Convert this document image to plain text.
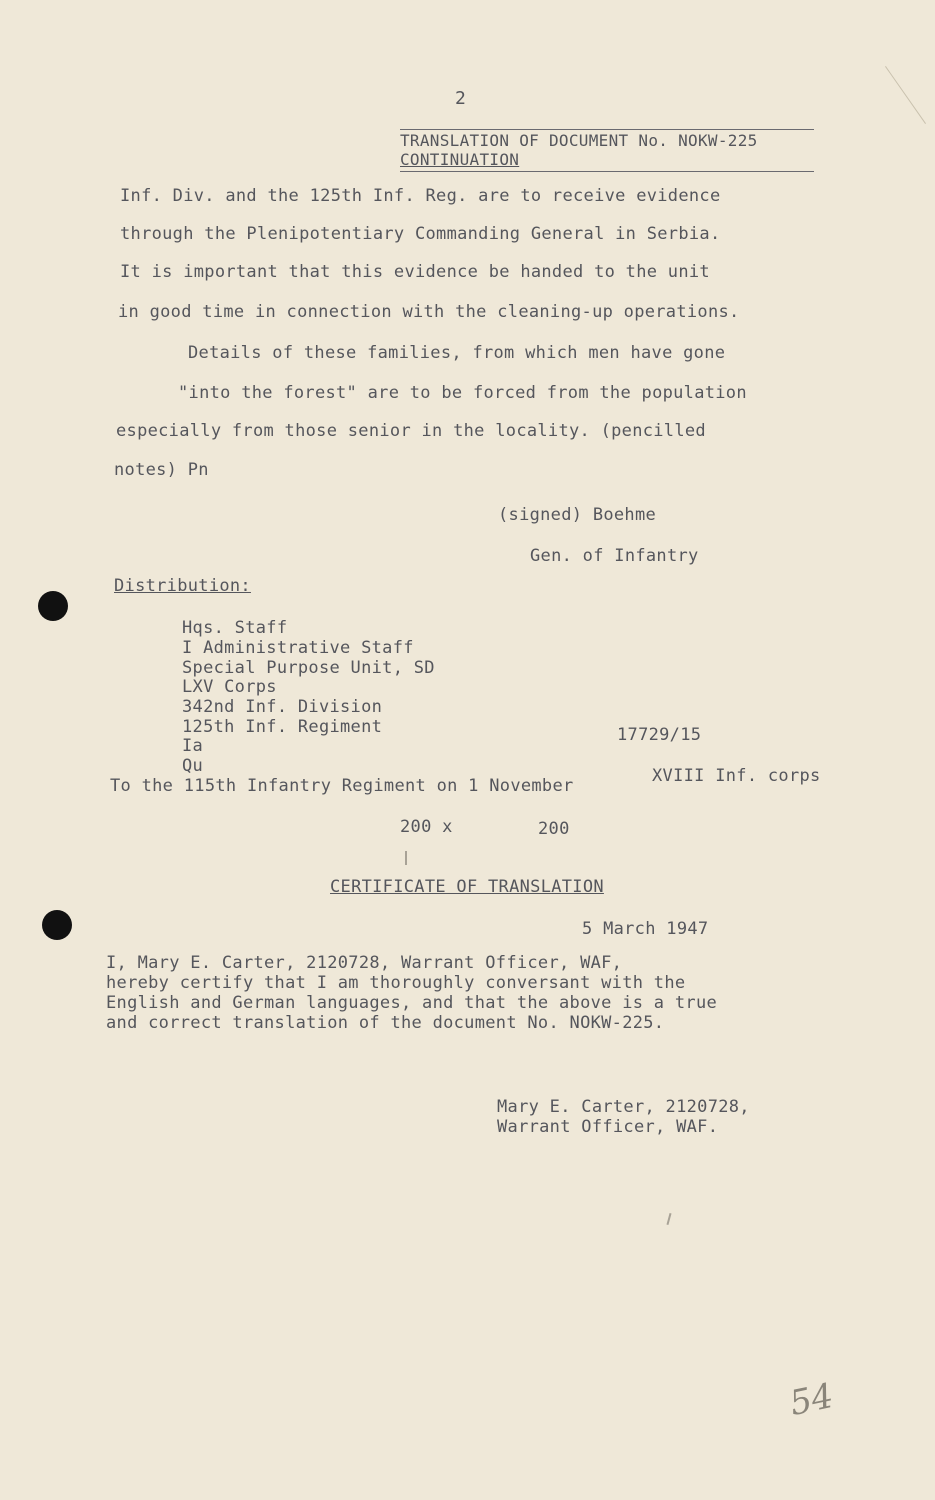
2
TRANSLATION OF DOCUMENT No. NOKW-225
CONTINUATION
Inf. Div. and the 125th Inf. Reg. are to receive evidence
through the Plenipotentiary Commanding General in Serbia.
It is important that this evidence be handed to the unit
in good time in connection with the cleaning-up operations.
Details of these families, from which men have gone
"into the forest" are to be forced from the population
especially from those senior in the locality. (pencilled
notes) Pn
(signed) Boehme
Gen. of Infantry
Distribution:
Hqs. Staff
I Administrative Staff
Special Purpose Unit, SD
LXV Corps
342nd Inf. Division
125th Inf. Regiment
Ia
Qu
17729/15
XVIII Inf. corps
To the 115th Infantry Regiment on 1 November
200 x	200
CERTIFICATE OF TRANSLATION
5 March 1947
I, Mary E. Carter, 2120728, Warrant Officer, WAF,
hereby certify that I am thoroughly conversant with the
English and German languages, and that the above is a true
and correct translation of the document No. NOKW-225.
Mary E. Carter, 2120728,
Warrant Officer, WAF.
54
